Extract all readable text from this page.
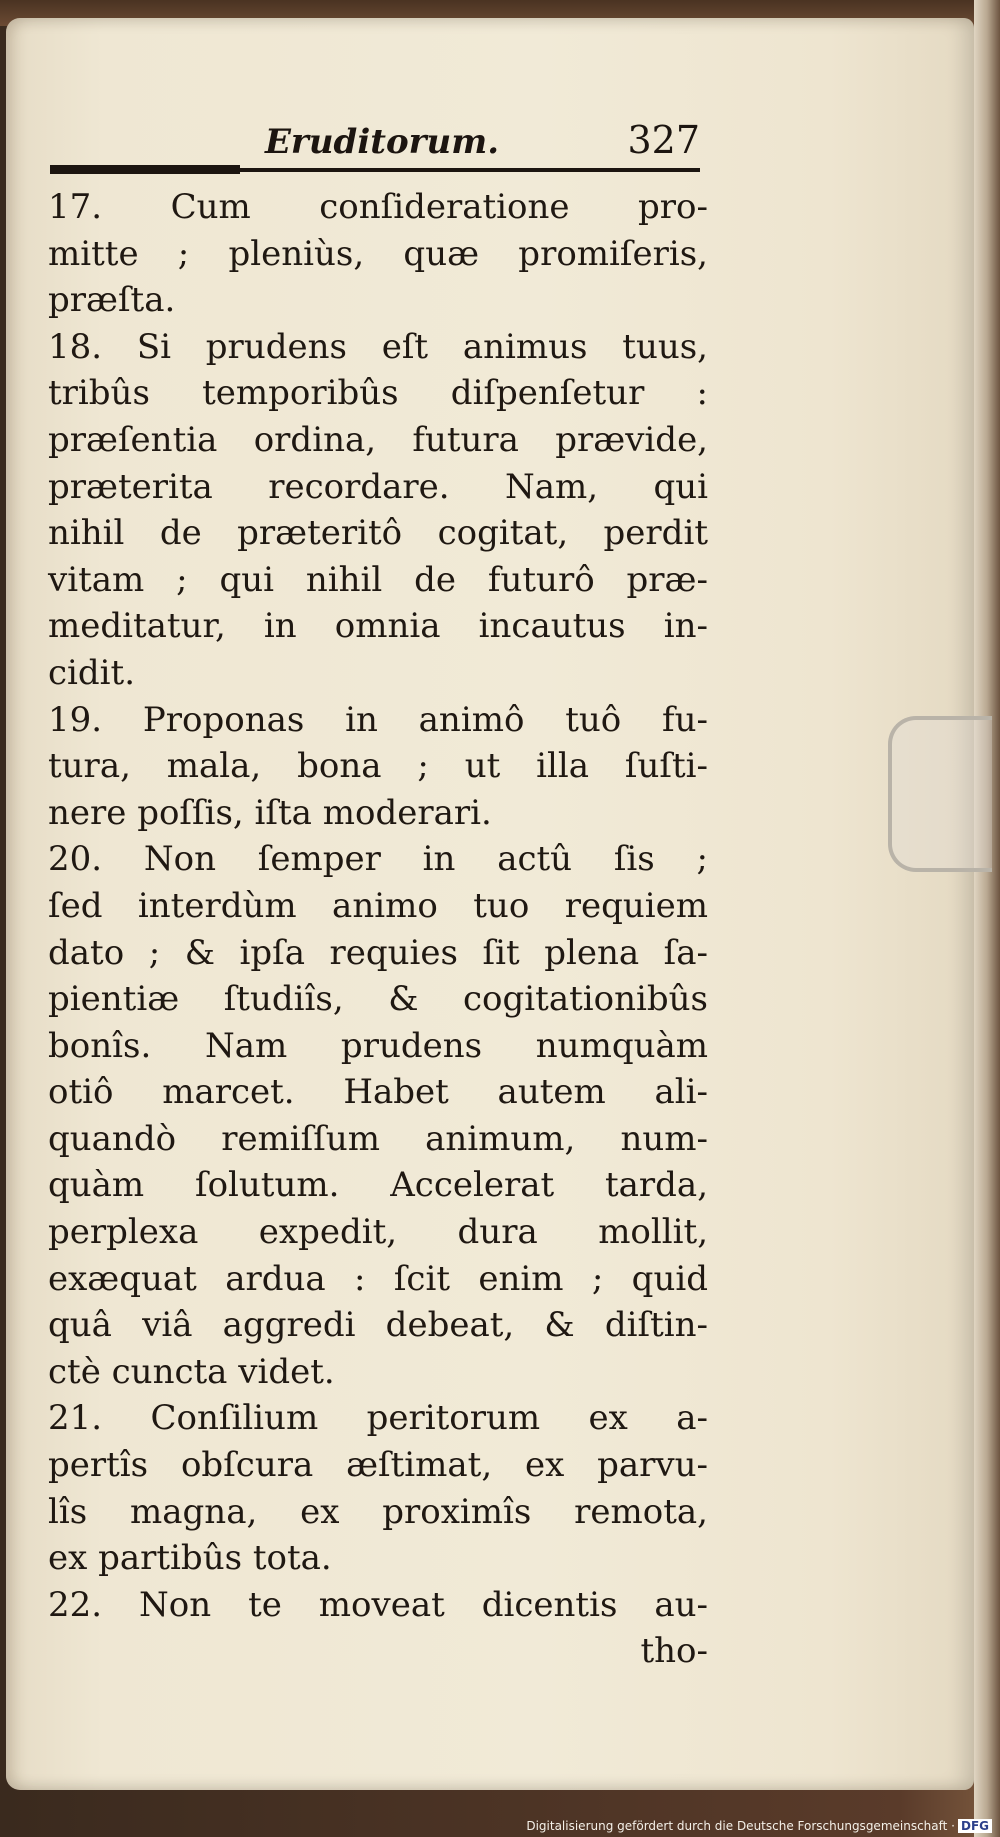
Eruditorum.	327
17. Cum conſideratione pro-
mitte ; pleniùs, quæ promiſeris,
præſta.
18. Si prudens eſt animus tuus,
tribûs temporibûs diſpenſetur :
præſentia ordina, futura prævide,
præterita recordare. Nam, qui
nihil de præteritô cogitat, perdit
vitam ; qui nihil de futurô præ-
meditatur, in omnia incautus in-
cidit.
19. Proponas in animô tuô fu-
tura, mala, bona ; ut illa ſuſti-
nere poſſis, iſta moderari.
20. Non ſemper in actû ſis ;
ſed interdùm animo tuo requiem
dato ; & ipſa requies ſit plena ſa-
pientiæ ſtudiîs, & cogitationibûs
bonîs. Nam prudens numquàm
otiô marcet. Habet autem ali-
quandò remiſſum animum, num-
quàm ſolutum. Accelerat tarda,
perplexa expedit, dura mollit,
exæquat ardua : ſcit enim ; quid
quâ viâ aggredi debeat, & diſtin-
ctè cuncta videt.
21. Conſilium peritorum ex a-
pertîs obſcura æſtimat, ex parvu-
lîs magna, ex proximîs remota,
ex partibûs tota.
22. Non te moveat dicentis au-
tho-
Digitalisierung gefördert durch die Deutsche Forschungsgemeinschaft · DFG
